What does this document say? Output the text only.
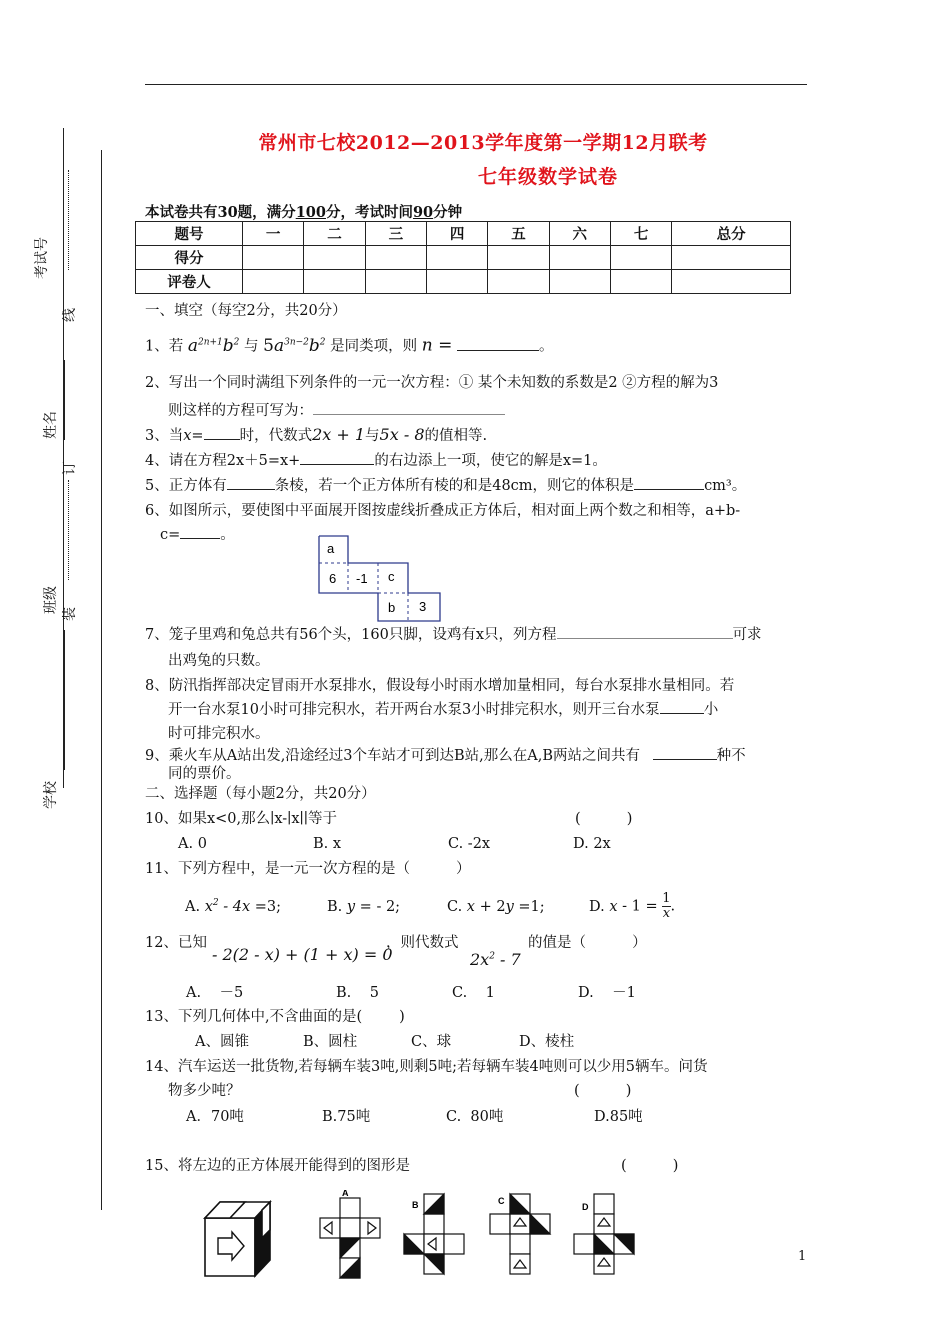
考试号
线
姓名
订
班级 装
学校
常州市七校2012—2013学年度第一学期12月联考
七年级数学试卷
本试卷共有30题，满分100分，考试时间90分钟
题号	一	二	三	四	五	六	七	总分
得分								
评卷人								
一、填空（每空2分，共20分）
1、若 $a^{2n+1}b^2$ 与 $5a^{3n-2}b^2$ 是同类项，则 n =	。
2、写出一个同时满组下列条件的一元一次方程：① 某个未知数的系数是2 ②方程的解为3
则这样的方程可写为：
3、当x= 时，代数式2x + 1与5x - 8的值相等.
4、请在方程2x＋5=x+	的右边添上一项，使它的解是x=1。
5、正方体有	条棱，若一个正方体所有棱的和是48cm，则它的体积是	cm³。
6、如图所示，要使图中平面展开图按虚线折叠成正方体后，相对面上两个数之和相等，a+b-
c=	。
a
6 -1 c
b 3
7、笼子里鸡和兔总共有56个头，160只脚，设鸡有x只，列方程	可求
出鸡兔的只数。
8、防汛指挥部决定冒雨开水泵排水，假设每小时雨水增加量相同，每台水泵排水量相同。若
开一台水泵10小时可排完积水，若开两台水泵3小时排完积水，则开三台水泵	小
时可排完积水。
9、乘火车从A站出发,沿途经过3个车站才可到达B站,那么在A,B两站之间共有	种不
同的票价。
二、选择题（每小题2分，共20分）
10、如果x<0,那么∣x-∣x∣∣等于	(          )
A. 0	B. x	C. -2x	D. 2x
11、下列方程中，是一元一次方程的是（          ）
A. $x^2 - 4x =3$;	B. y = - 2;	C. x + 2y =1;	D. $x - 1 = \frac{1}{x}$ .
12、已知
- 2(2 - x) + (1 + x) = 0
，则代数式
$2x^2 - 7$
的值是（          ）
A.    －5	B.    5	C.    1	D.    －1
13、下列几何体中,不含曲面的是(        )
A、圆锥	B、圆柱	C、球	D、棱柱
14、汽车运送一批货物,若每辆车装3吨,则剩5吨;若每辆车装4吨则可以少用5辆车。问货
物多少吨？	(          )
A．70吨	B.75吨	C.  80吨	D.85吨
15、将左边的正方体展开能得到的图形是	(          )
A
B	C
D
1
